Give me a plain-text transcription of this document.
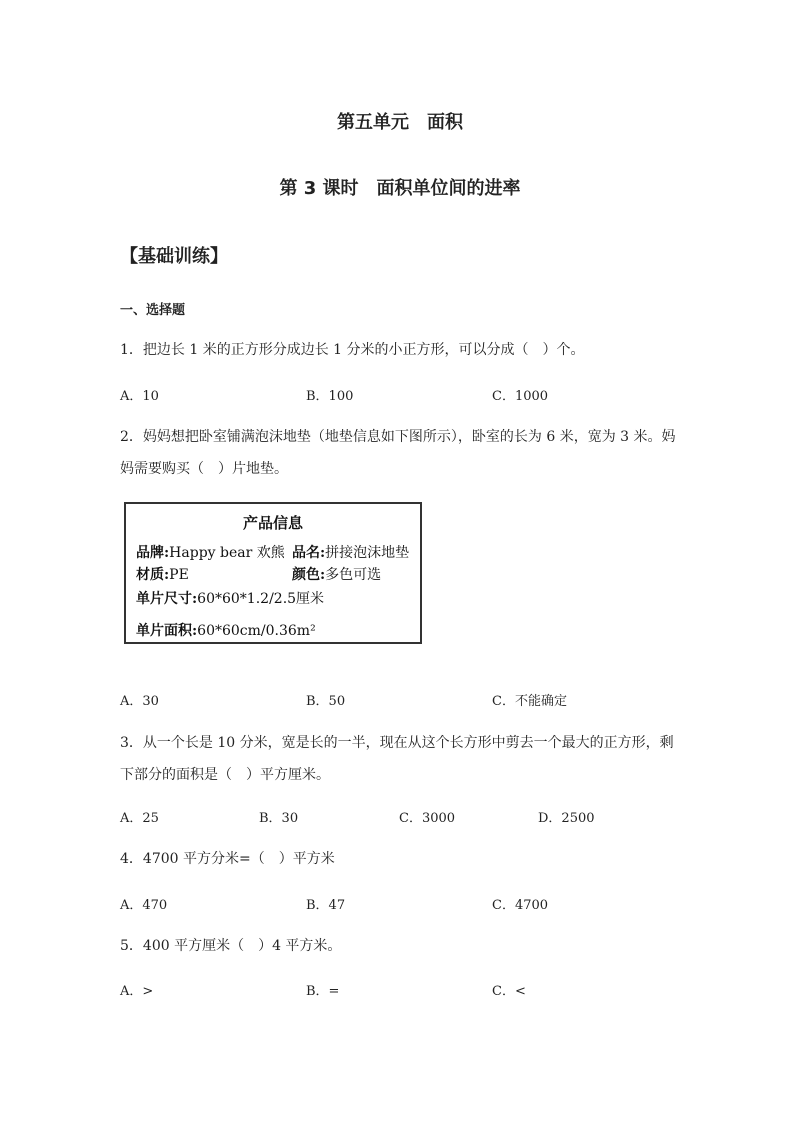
第五单元　面积
第 3 课时　面积单位间的进率
【基础训练】
一、选择题
1．把边长 1 米的正方形分成边长 1 分米的小正方形，可以分成（　）个。
A．10	B．100	C．1000
2．妈妈想把卧室铺满泡沫地垫（地垫信息如下图所示），卧室的长为 6 米，宽为 3 米。妈
妈需要购买（　）片地垫。
产品信息
品牌:Happy bear 欢熊 品名:拼接泡沫地垫
材质:PE	颜色:多色可选
单片尺寸:60*60*1.2/2.5厘米
单片面积:60*60cm/0.36m²
A．30	B．50	C．不能确定
3．从一个长是 10 分米，宽是长的一半，现在从这个长方形中剪去一个最大的正方形，剩
下部分的面积是（　）平方厘米。
A．25	B．30	C．3000	D．2500
4．4700 平方分米=（　）平方米
A．470	B．47	C．4700
5．400 平方厘米（　）4 平方米。
A．>	B．=	C．<
